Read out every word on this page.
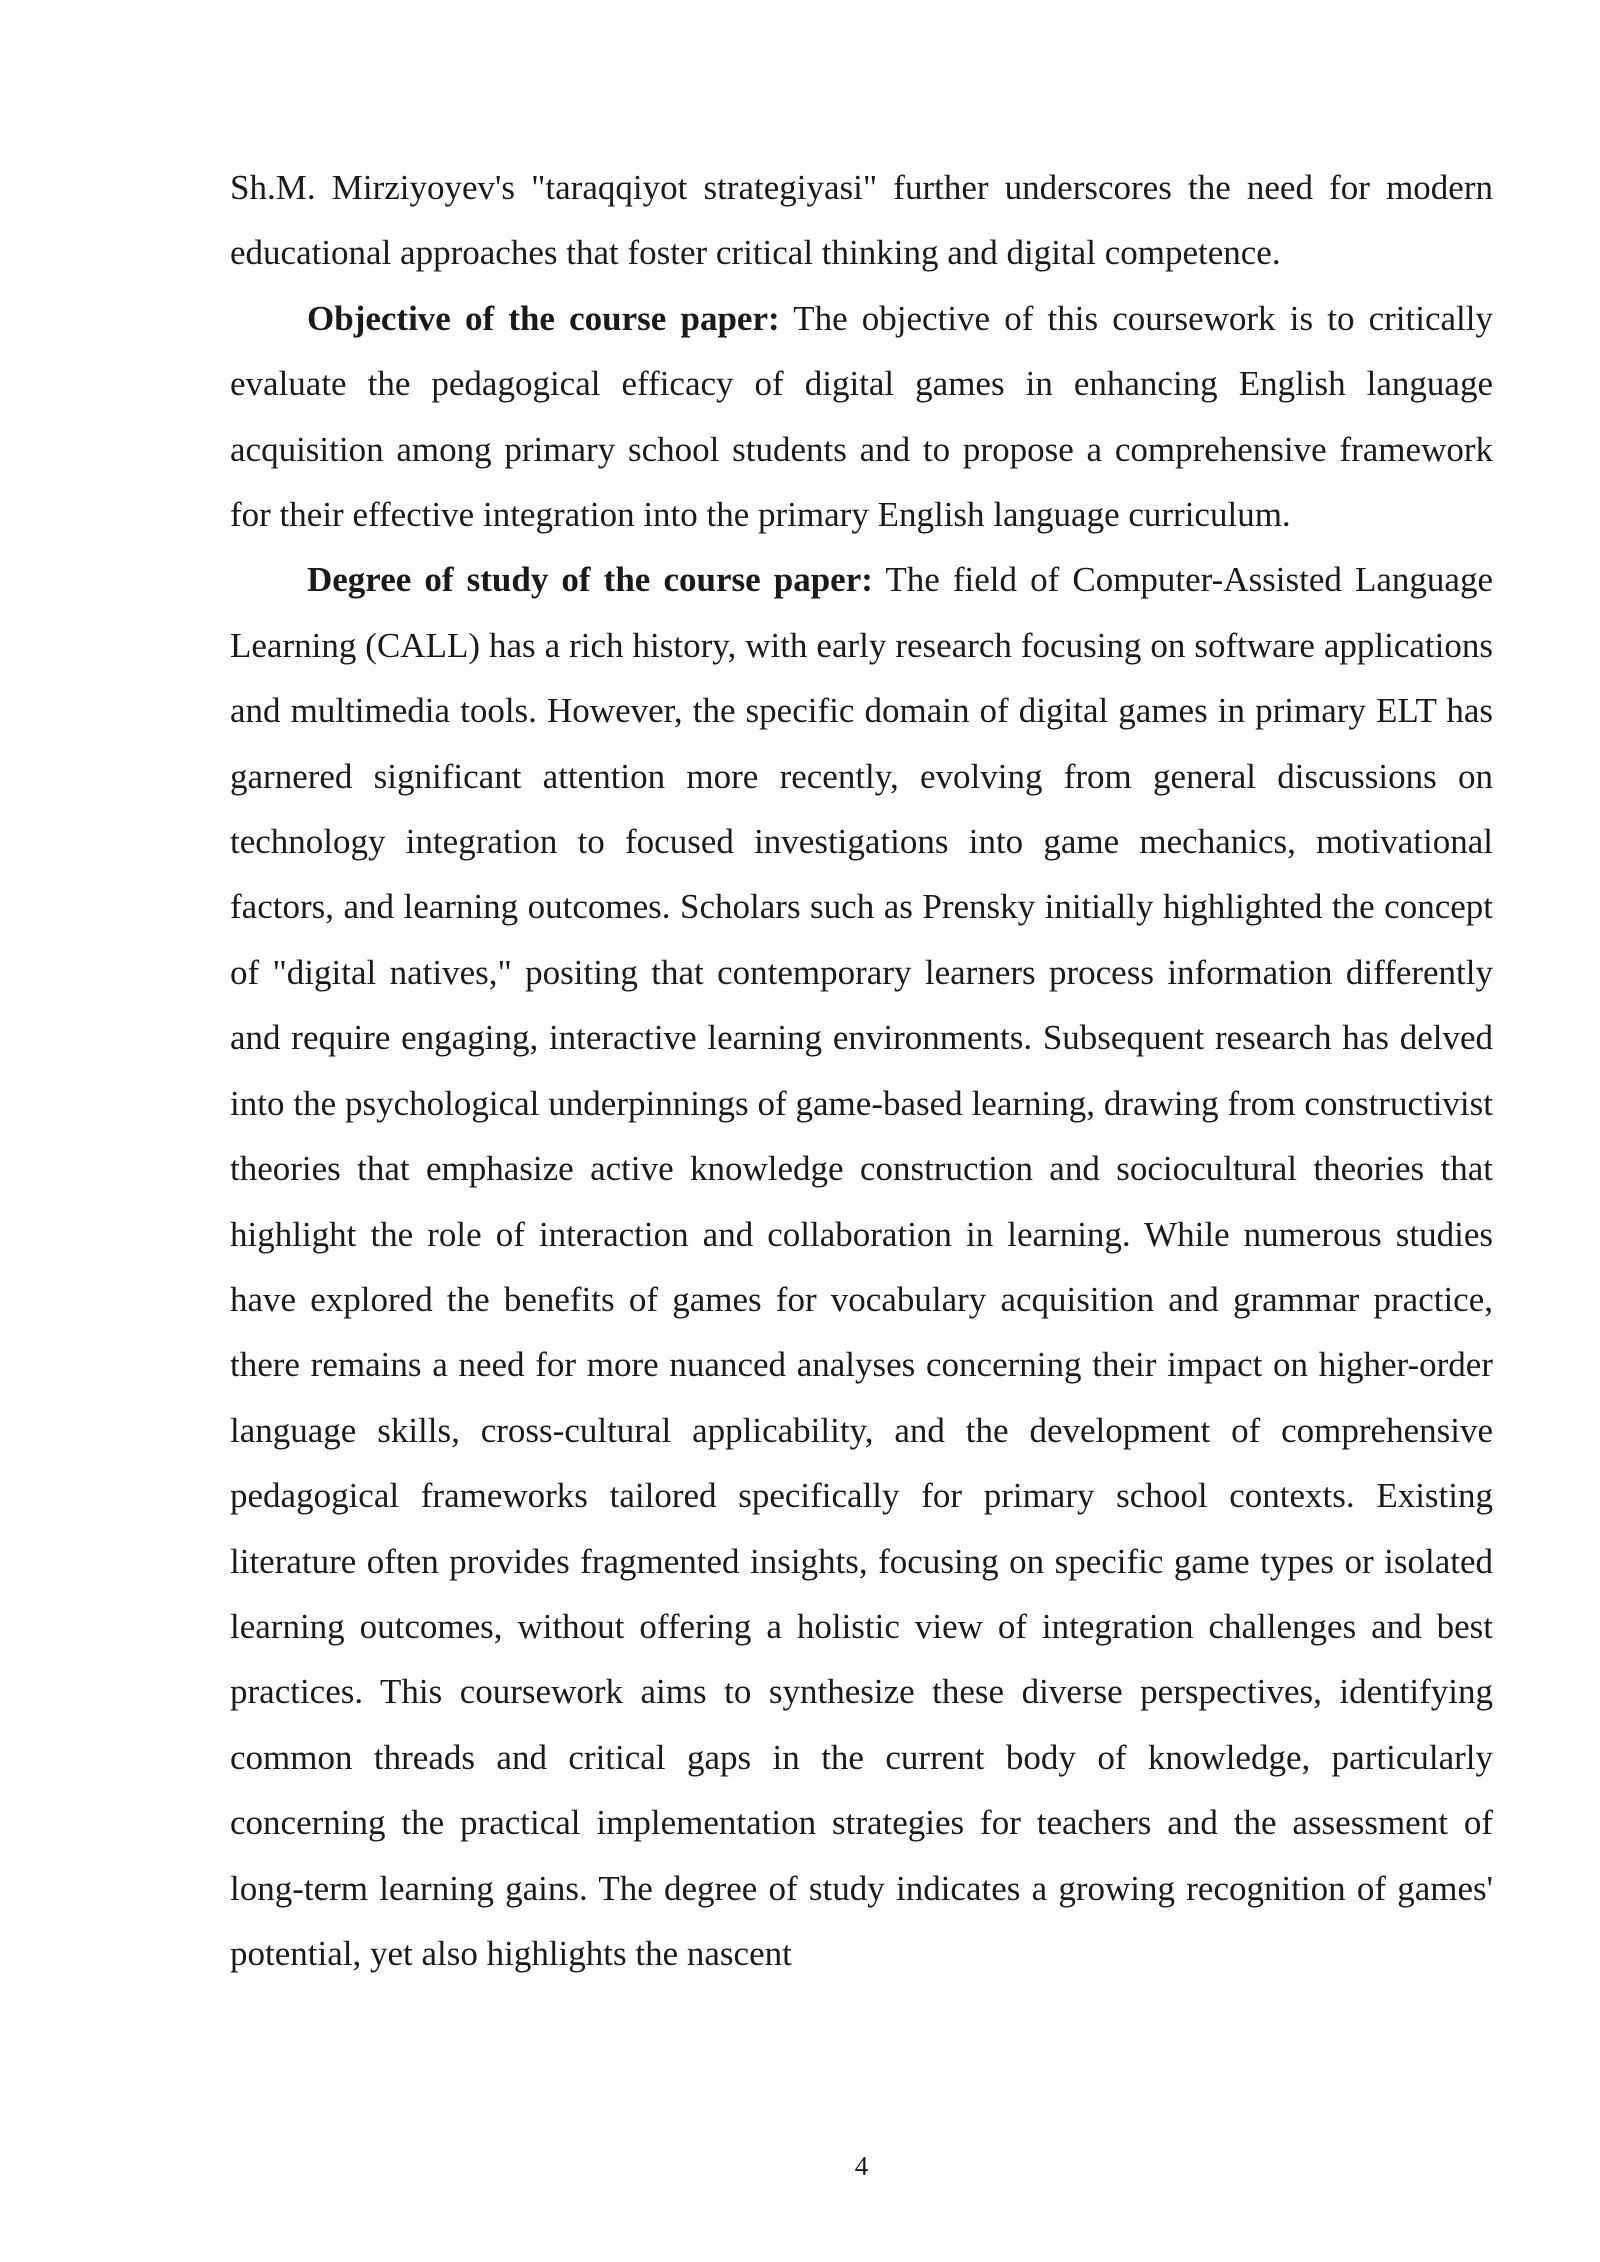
Sh.M. Mirziyoyev's "taraqqiyot strategiyasi" further underscores the need for modern educational approaches that foster critical thinking and digital competence.

Objective of the course paper: The objective of this coursework is to critically evaluate the pedagogical efficacy of digital games in enhancing English language acquisition among primary school students and to propose a comprehensive framework for their effective integration into the primary English language curriculum.

Degree of study of the course paper: The field of Computer-Assisted Language Learning (CALL) has a rich history, with early research focusing on software applications and multimedia tools. However, the specific domain of digital games in primary ELT has garnered significant attention more recently, evolving from general discussions on technology integration to focused investigations into game mechanics, motivational factors, and learning outcomes. Scholars such as Prensky initially highlighted the concept of "digital natives," positing that contemporary learners process information differently and require engaging, interactive learning environments. Subsequent research has delved into the psychological underpinnings of game-based learning, drawing from constructivist theories that emphasize active knowledge construction and sociocultural theories that highlight the role of interaction and collaboration in learning. While numerous studies have explored the benefits of games for vocabulary acquisition and grammar practice, there remains a need for more nuanced analyses concerning their impact on higher-order language skills, cross-cultural applicability, and the development of comprehensive pedagogical frameworks tailored specifically for primary school contexts. Existing literature often provides fragmented insights, focusing on specific game types or isolated learning outcomes, without offering a holistic view of integration challenges and best practices. This coursework aims to synthesize these diverse perspectives, identifying common threads and critical gaps in the current body of knowledge, particularly concerning the practical implementation strategies for teachers and the assessment of long-term learning gains. The degree of study indicates a growing recognition of games' potential, yet also highlights the nascent

4
